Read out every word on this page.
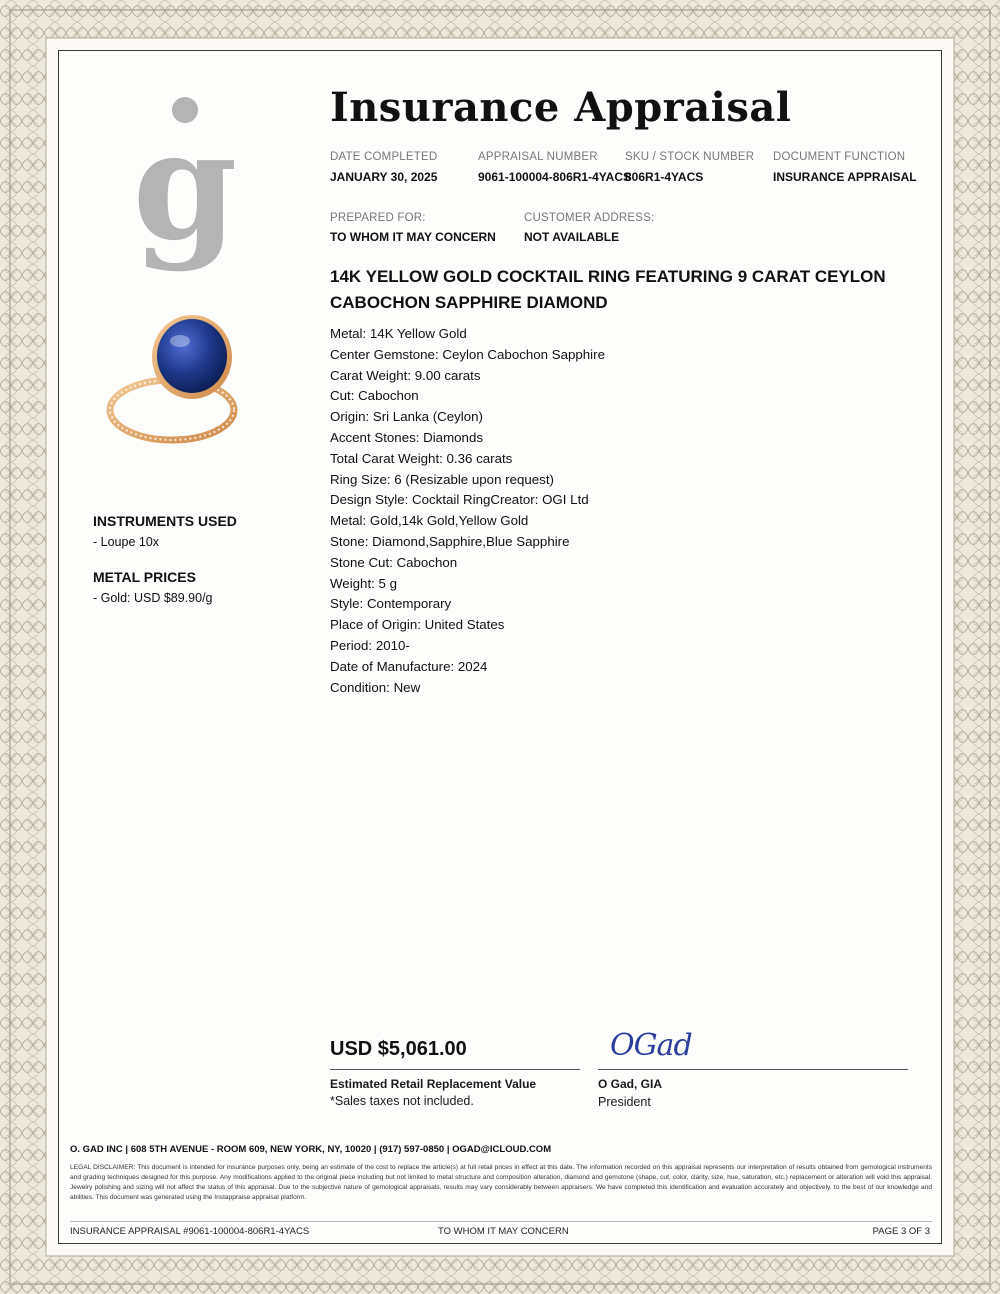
g Insurance Appraisal
DATE COMPLETED
JANUARY 30, 2025
APPRAISAL NUMBER
9061-100004-806R1-4YACS
SKU / STOCK NUMBER
806R1-4YACS
DOCUMENT FUNCTION
INSURANCE APPRAISAL
PREPARED FOR:
TO WHOM IT MAY CONCERN
CUSTOMER ADDRESS:
NOT AVAILABLE
14K YELLOW GOLD COCKTAIL RING FEATURING 9 CARAT CEYLON CABOCHON SAPPHIRE DIAMOND
Metal: 14K Yellow Gold
Center Gemstone: Ceylon Cabochon Sapphire
Carat Weight: 9.00 carats
Cut: Cabochon
Origin: Sri Lanka (Ceylon)
Accent Stones: Diamonds
Total Carat Weight: 0.36 carats
Ring Size: 6 (Resizable upon request)
Design Style: Cocktail RingCreator: OGI Ltd
Metal: Gold,14k Gold,Yellow Gold
Stone: Diamond,Sapphire,Blue Sapphire
Stone Cut: Cabochon
Weight: 5 g
Style: Contemporary
Place of Origin: United States
Period: 2010-
Date of Manufacture: 2024
Condition: New
INSTRUMENTS USED
- Loupe 10x
METAL PRICES
- Gold: USD $89.90/g
USD $5,061.00
Estimated Retail Replacement Value
*Sales taxes not included.
OGad
O Gad, GIA
President
O. GAD INC | 608 5TH AVENUE - ROOM 609, NEW YORK, NY, 10020 | (917) 597-0850 | OGAD@ICLOUD.COM
LEGAL DISCLAIMER: This document is intended for insurance purposes only, being an estimate of the cost to replace the article(s) at full retail prices in effect at this date. The information recorded on this appraisal represents our interpretation of results obtained from gemological instruments and grading techniques designed for this purpose. Any modifications applied to the original piece including but not limited to metal structure and composition alteration, diamond and gemstone (shape, cut, color, clarity, size, hue, saturation, etc.) replacement or alteration will void this appraisal. Jewelry polishing and sizing will not affect the status of this appraisal. Due to the subjective nature of gemological appraisals, results may vary considerably between appraisers. We have completed this identification and evaluation accurately and objectively, to the best of our knowledge and abilities. This document was generated using the Instappraise appraisal platform.
INSURANCE APPRAISAL #9061-100004-806R1-4YACS	TO WHOM IT MAY CONCERN	PAGE 3 OF 3
